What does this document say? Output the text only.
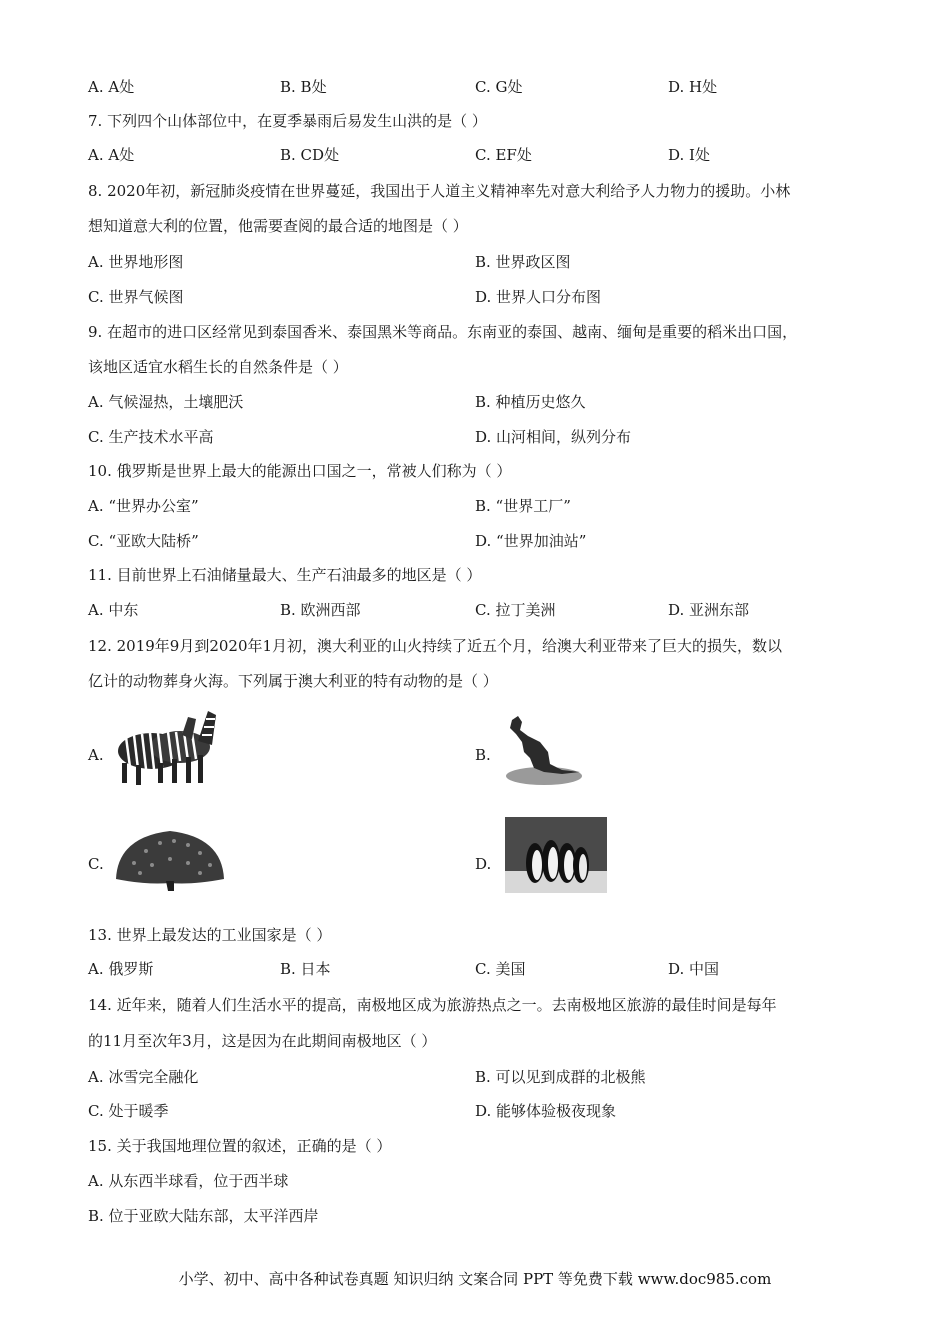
A. A处	B. B处	C. G处	D. H处
7. 下列四个山体部位中，在夏季暴雨后易发生山洪的是（ ）
A. A处	B. CD处	C. EF处	D. I处
8. 2020年初，新冠肺炎疫情在世界蔓延，我国出于人道主义精神率先对意大利给予人力物力的援助。小林
想知道意大利的位置，他需要查阅的最合适的地图是（ ）
A. 世界地形图	B. 世界政区图
C. 世界气候图	D. 世界人口分布图
9. 在超市的进口区经常见到泰国香米、泰国黑米等商品。东南亚的泰国、越南、缅甸是重要的稻米出口国，
该地区适宜水稻生长的自然条件是（ ）
A. 气候湿热，土壤肥沃	B. 种植历史悠久
C. 生产技术水平高	D. 山河相间，纵列分布
10. 俄罗斯是世界上最大的能源出口国之一，常被人们称为（ ）
A. “世界办公室”	B. “世界工厂”
C. “亚欧大陆桥”	D. “世界加油站”
11. 目前世界上石油储量最大、生产石油最多的地区是（ ）
A. 中东	B. 欧洲西部	C. 拉丁美洲	D. 亚洲东部
12. 2019年9月到2020年1月初，澳大利亚的山火持续了近五个月，给澳大利亚带来了巨大的损失，数以
亿计的动物葬身火海。下列属于澳大利亚的特有动物的是（ ）
A.	B.
C.	D.
13. 世界上最发达的工业国家是（ ）
A. 俄罗斯	B. 日本	C. 美国	D. 中国
14. 近年来，随着人们生活水平的提高，南极地区成为旅游热点之一。去南极地区旅游的最佳时间是每年
的11月至次年3月，这是因为在此期间南极地区（ ）
A. 冰雪完全融化	B. 可以见到成群的北极熊
C. 处于暖季	D. 能够体验极夜现象
15. 关于我国地理位置的叙述，正确的是（ ）
A. 从东西半球看，位于西半球
B. 位于亚欧大陆东部，太平洋西岸
小学、初中、高中各种试卷真题 知识归纳 文案合同 PPT 等免费下载 www.doc985.com
